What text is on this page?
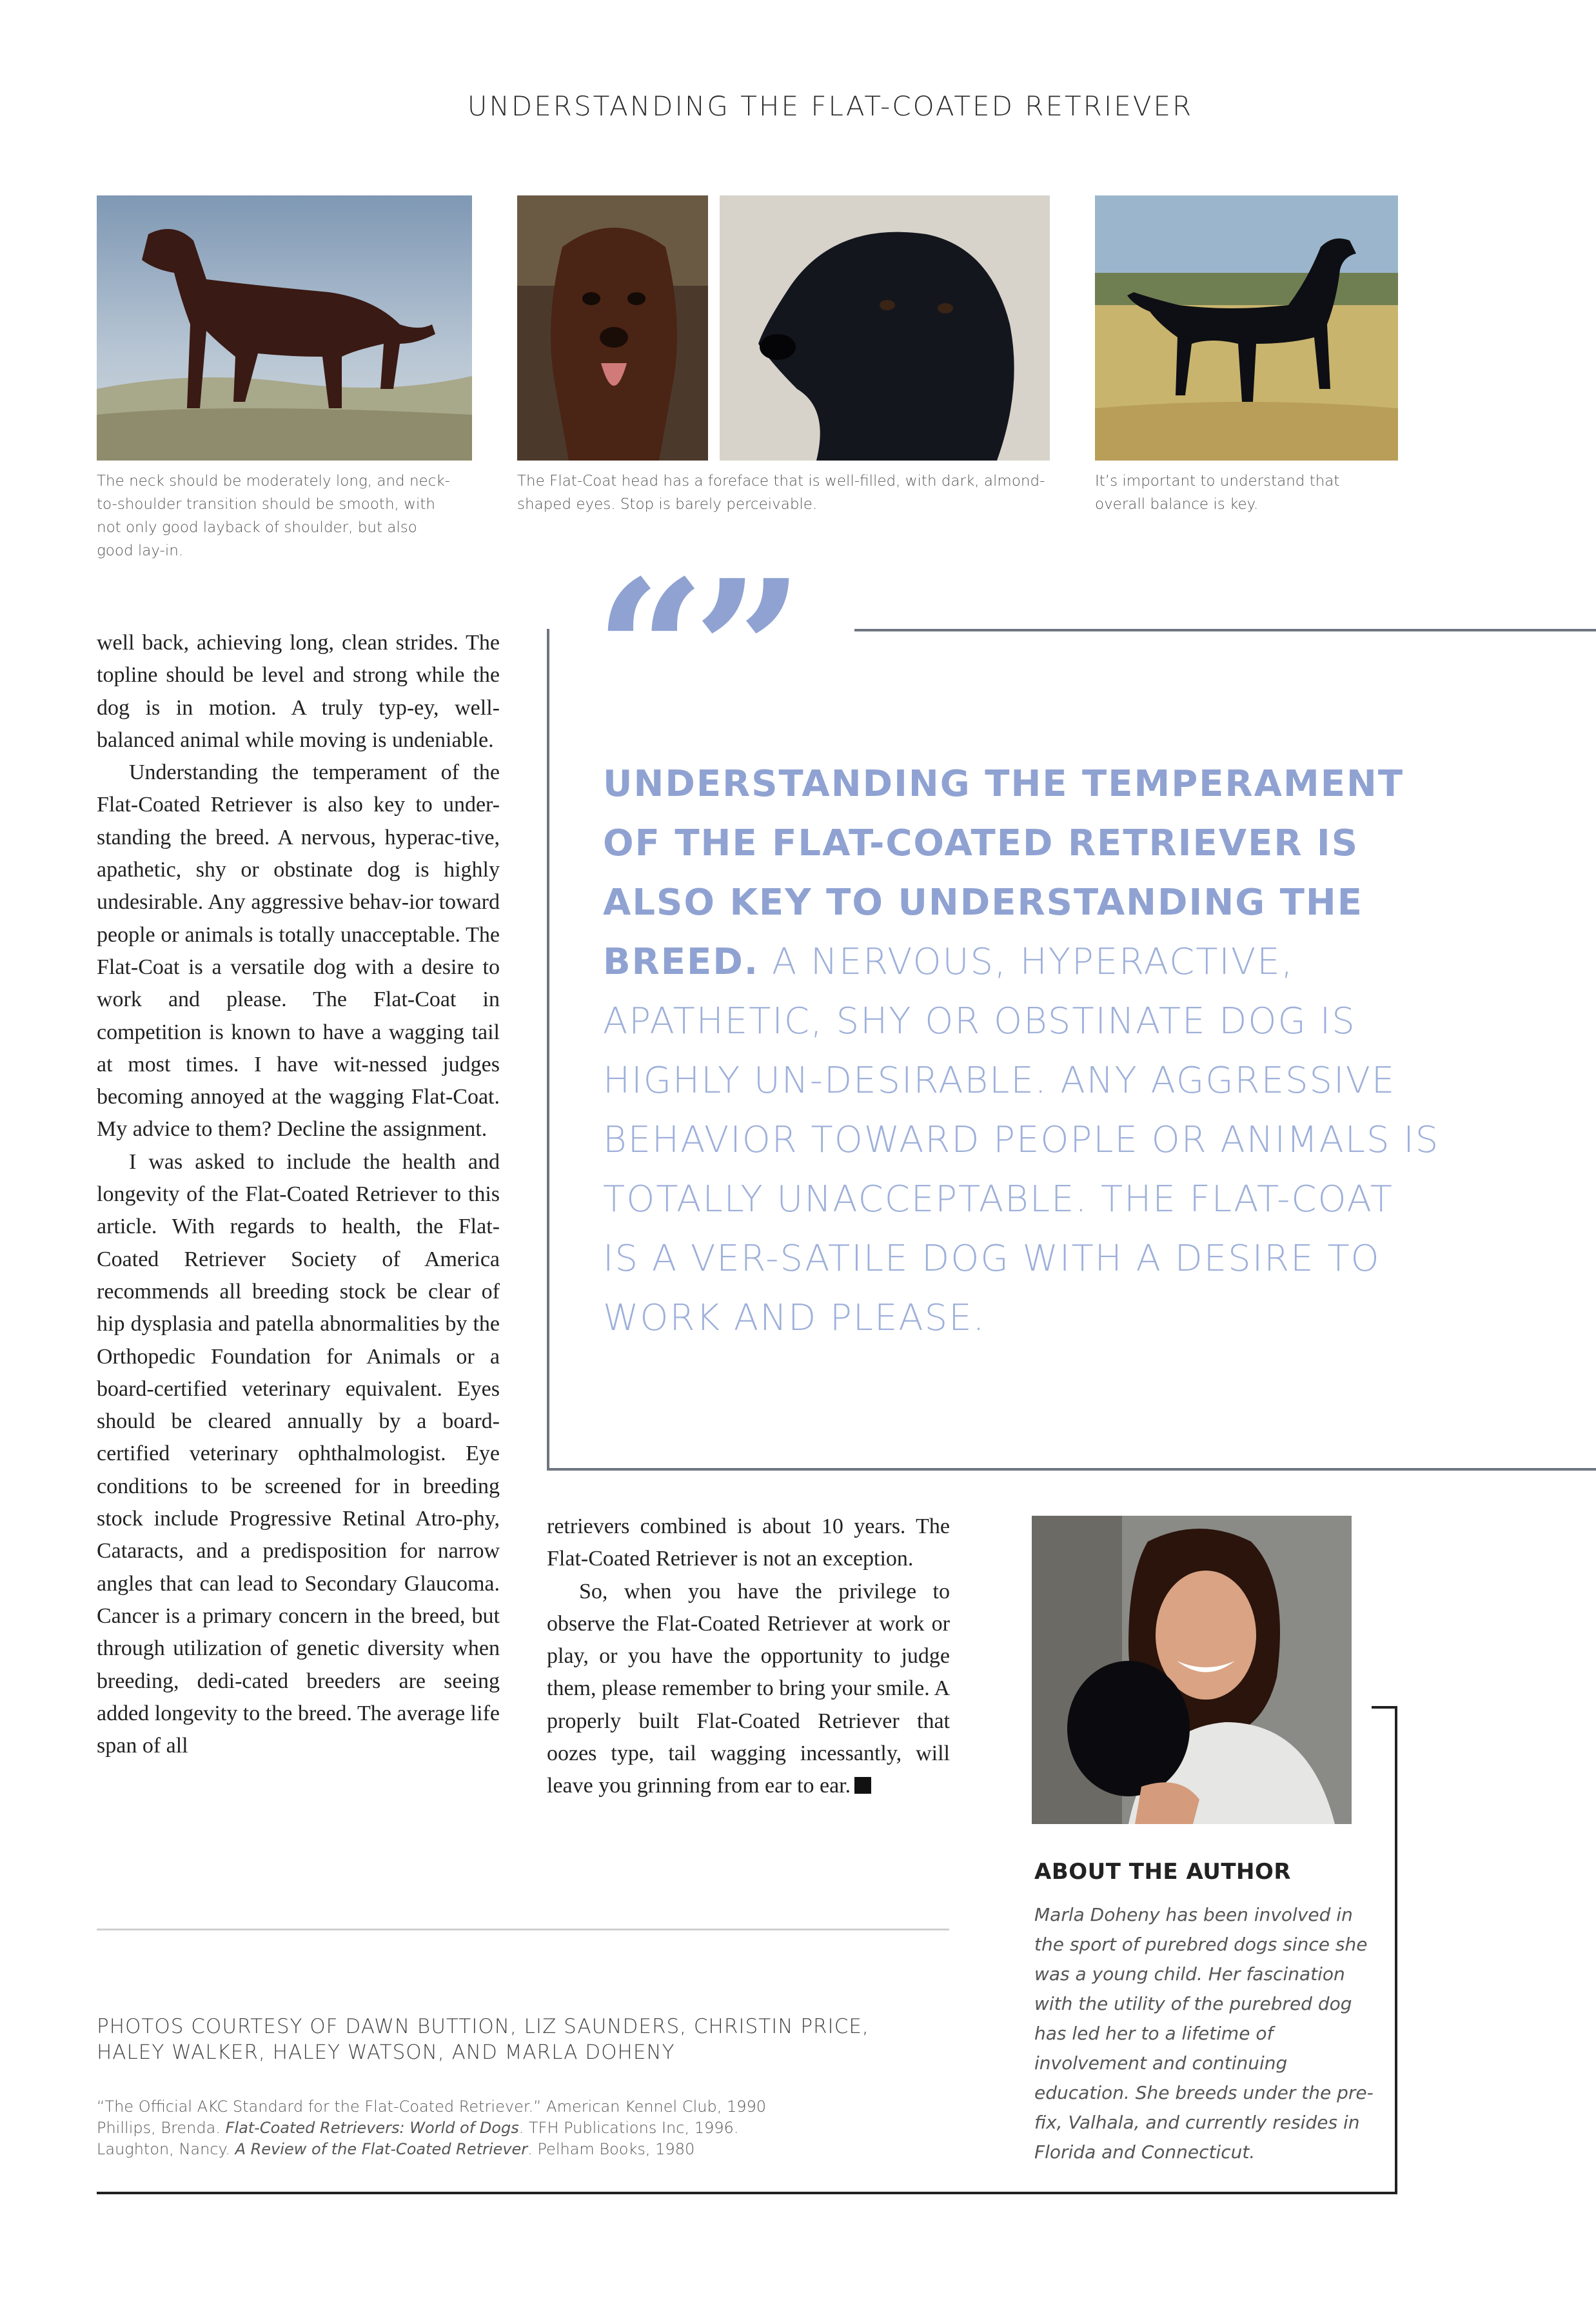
UNDERSTANDING THE FLAT-COATED RETRIEVER
The neck should be moderately long, and neck-to-shoulder transition should be smooth, with not only good layback of shoulder, but also good lay-in.
The Flat-Coat head has a foreface that is well-filled, with dark, almond-shaped eyes. Stop is barely perceivable.
It’s important to understand that overall balance is key.

well back, achieving long, clean strides. The topline should be level and strong while the dog is in motion. A truly typ-ey, well-balanced animal while moving is undeniable.

Understanding the temperament of the Flat-Coated Retriever is also key to under-standing the breed. A nervous, hyperac-tive, apathetic, shy or obstinate dog is highly undesirable. Any aggressive behav-ior toward people or animals is totally unacceptable. The Flat-Coat is a versatile dog with a desire to work and please. The Flat-Coat in competition is known to have a wagging tail at most times. I have wit-nessed judges becoming annoyed at the wagging Flat-Coat. My advice to them? Decline the assignment.

I was asked to include the health and longevity of the Flat-Coated Retriever to this article. With regards to health, the Flat-Coated Retriever Society of America recommends all breeding stock be clear of hip dysplasia and patella abnormalities by the Orthopedic Foundation for Animals or a board-certified veterinary equivalent. Eyes should be cleared annually by a board-certified veterinary ophthalmologist. Eye conditions to be screened for in breeding stock include Progressive Retinal Atro-phy, Cataracts, and a predisposition for narrow angles that can lead to Secondary Glaucoma. Cancer is a primary concern in the breed, but through utilization of genetic diversity when breeding, dedi-cated breeders are seeing added longevity to the breed. The average life span of all

“”
UNDERSTANDING THE TEMPERAMENT OF THE FLAT-COATED RETRIEVER IS ALSO KEY TO UNDERSTANDING THE BREED. A NERVOUS, HYPERACTIVE, APATHETIC, SHY OR OBSTINATE DOG IS HIGHLY UN-DESIRABLE. ANY AGGRESSIVE BEHAVIOR TOWARD PEOPLE OR ANIMALS IS TOTALLY UNACCEPTABLE. THE FLAT-COAT IS A VER-SATILE DOG WITH A DESIRE TO WORK AND PLEASE.

retrievers combined is about 10 years. The Flat-Coated Retriever is not an exception.

So, when you have the privilege to observe the Flat-Coated Retriever at work or play, or you have the opportunity to judge them, please remember to bring your smile. A properly built Flat-Coated Retriever that oozes type, tail wagging incessantly, will leave you grinning from ear to ear.

ABOUT THE AUTHOR
Marla Doheny has been involved in the sport of purebred dogs since she was a young child. Her fascination with the utility of the purebred dog has led her to a lifetime of involvement and continuing education. She breeds under the pre-fix, Valhala, and currently resides in Florida and Connecticut.
PHOTOS COURTESY OF DAWN BUTTION, LIZ SAUNDERS, CHRISTIN PRICE, HALEY WALKER, HALEY WATSON, AND MARLA DOHENY
“The Official AKC Standard for the Flat-Coated Retriever.” American Kennel Club, 1990
Phillips, Brenda. Flat-Coated Retrievers: World of Dogs. TFH Publications Inc, 1996.
Laughton, Nancy. A Review of the Flat-Coated Retriever. Pelham Books, 1980
